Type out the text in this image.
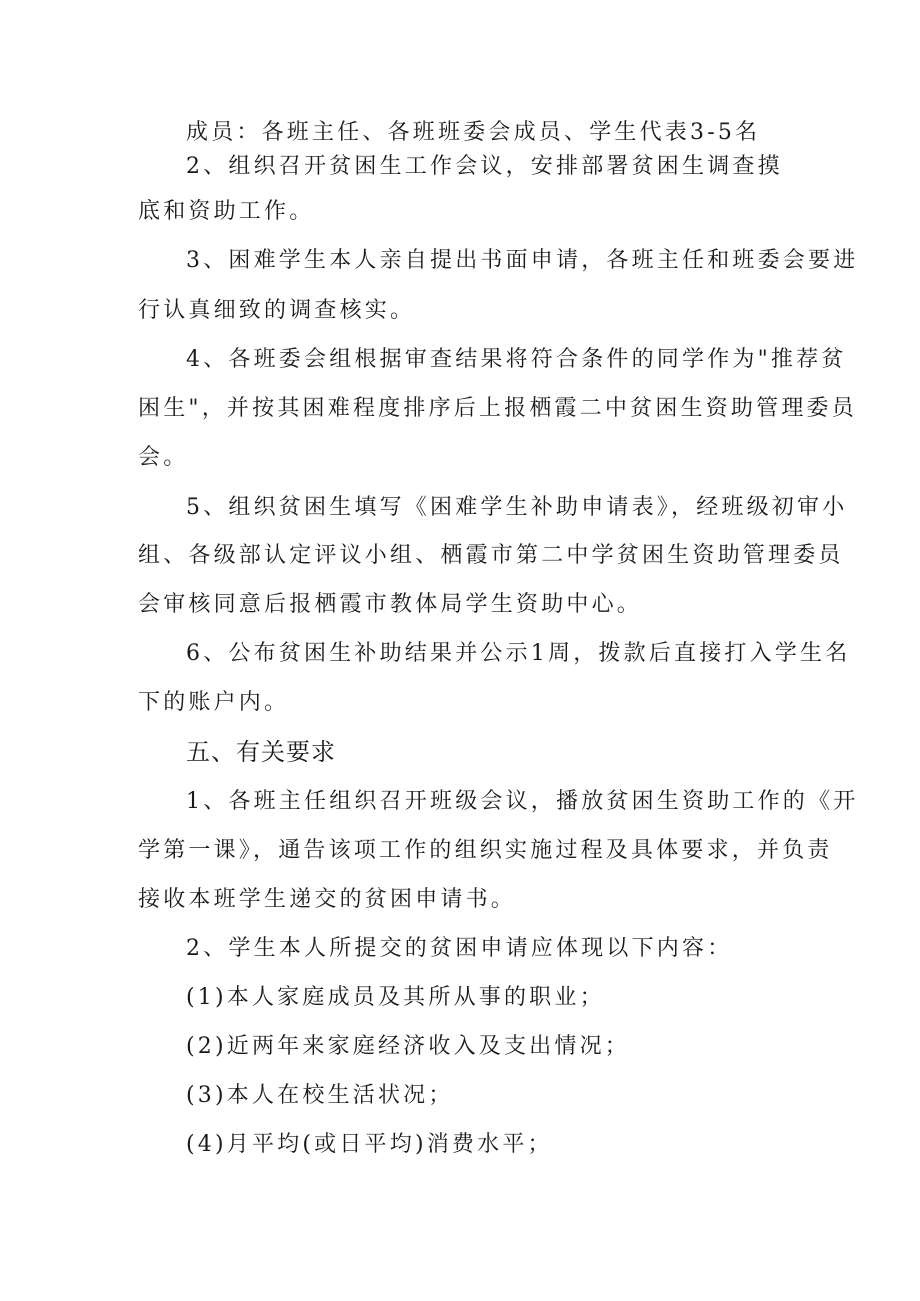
成员：各班主任、各班班委会成员、学生代表3-5名
2、组织召开贫困生工作会议，安排部署贫困生调查摸
底和资助工作。
3、困难学生本人亲自提出书面申请，各班主任和班委会要进
行认真细致的调查核实。
4、各班委会组根据审查结果将符合条件的同学作为"推荐贫
困生"，并按其困难程度排序后上报栖霞二中贫困生资助管理委员
会。
5、组织贫困生填写《困难学生补助申请表》，经班级初审小
组、各级部认定评议小组、栖霞市第二中学贫困生资助管理委员
会审核同意后报栖霞市教体局学生资助中心。
6、公布贫困生补助结果并公示1周，拨款后直接打入学生名
下的账户内。
五、有关要求
1、各班主任组织召开班级会议，播放贫困生资助工作的《开
学第一课》，通告该项工作的组织实施过程及具体要求，并负责
接收本班学生递交的贫困申请书。
2、学生本人所提交的贫困申请应体现以下内容：
(1)本人家庭成员及其所从事的职业；
(2)近两年来家庭经济收入及支出情况；
(3)本人在校生活状况；
(4)月平均(或日平均)消费水平；
